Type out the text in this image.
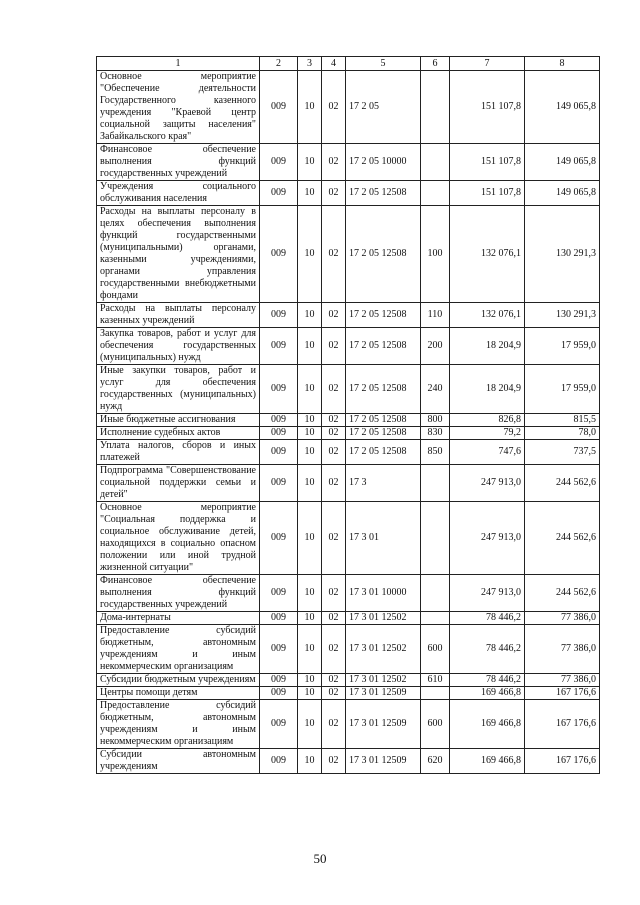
1	2	3	4	5	6	7	8
Основное мероприятие "Обеспечение деятельности Государственного казенного учреждения "Краевой центр социальной защиты населения" Забайкальского края"	009	10	02	17 2 05		151 107,8	149 065,8
Финансовое обеспечение выполнения функций государственных учреждений	009	10	02	17 2 05 10000		151 107,8	149 065,8
Учреждения социального обслуживания населения	009	10	02	17 2 05 12508		151 107,8	149 065,8
Расходы на выплаты персоналу в целях обеспечения выполнения функций государственными (муниципальными) органами, казенными учреждениями, органами управления государственными внебюджетными фондами	009	10	02	17 2 05 12508	100	132 076,1	130 291,3
Расходы на выплаты персоналу казенных учреждений	009	10	02	17 2 05 12508	110	132 076,1	130 291,3
Закупка товаров, работ и услуг для обеспечения государственных (муниципальных) нужд	009	10	02	17 2 05 12508	200	18 204,9	17 959,0
Иные закупки товаров, работ и услуг для обеспечения государственных (муниципальных) нужд	009	10	02	17 2 05 12508	240	18 204,9	17 959,0
Иные бюджетные ассигнования	009	10	02	17 2 05 12508	800	826,8	815,5
Исполнение судебных актов	009	10	02	17 2 05 12508	830	79,2	78,0
Уплата налогов, сборов и иных платежей	009	10	02	17 2 05 12508	850	747,6	737,5
Подпрограмма "Совершенствование социальной поддержки семьи и детей"	009	10	02	17 3		247 913,0	244 562,6
Основное мероприятие "Социальная поддержка и социальное обслуживание детей, находящихся в социально опасном положении или иной трудной жизненной ситуации"	009	10	02	17 3 01		247 913,0	244 562,6
Финансовое обеспечение выполнения функций государственных учреждений	009	10	02	17 3 01 10000		247 913,0	244 562,6
Дома-интернаты	009	10	02	17 3 01 12502		78 446,2	77 386,0
Предоставление субсидий бюджетным, автономным учреждениям и иным некоммерческим организациям	009	10	02	17 3 01 12502	600	78 446,2	77 386,0
Субсидии бюджетным учреждениям	009	10	02	17 3 01 12502	610	78 446,2	77 386,0
Центры помощи детям	009	10	02	17 3 01 12509		169 466,8	167 176,6
Предоставление субсидий бюджетным, автономным учреждениям и иным некоммерческим организациям	009	10	02	17 3 01 12509	600	169 466,8	167 176,6
Субсидии автономным учреждениям	009	10	02	17 3 01 12509	620	169 466,8	167 176,6
50
